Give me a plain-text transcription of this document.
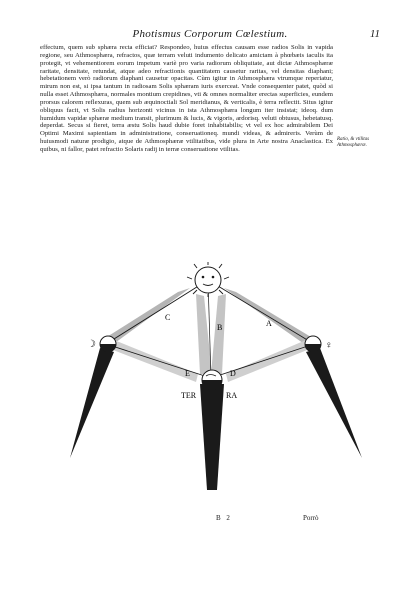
Photismus Corporum Cœlestium.	11

effectum, quem sub sphæra recta efficiat? Respondeo, huius effectus causam esse radios Solis in vapida regione, seu Athmosphæra, refractos, quæ terram veluti indumento delicato amictam à phœbæis iaculis ita protegit, vt vehementiorem eorum impetum variè pro varia radiorum obliquitate, aut dictæ Athmosphæræ raritate, densitate, retundat, atque adeo refractionis quantitatem causetur raritas, vel densitas diaphani; hebetationem verò radiorum diaphani causetur opacitas. Cùm igitur in Athmosphæra vtrumque reperiatur, mirum non est, si ipsa tantum in radiosam Solis sphæram iuris exerceat. Vnde consequenter patet, quòd si nulla esset Athmosphæra, normales montium crepidines, vti & omnes normaliter erectas superficies, eundem prorsus calorem reflexuras, quem sub æquinoctiali Sol meridianus, & verticalis, è terra reflectit. Situs igitur obliquus facit, vt Solis radius horizonti vicinus in ista Athmosphæra longum iter insistat; ideoq. dum humidum vapidæ sphæræ medium transit, plurimum & lucis, & vigoris, ardorisq. veluti obtusus, hebetatusq. deperdat. Secus si fieret, terra æstu Solis haud dubie foret inhabitabilis; vt vel ex hoc admirabilem Dei Optimi Maximi sapientiam in administratione, conseruationeq. mundi videas, & admireris. Verùm de huiusmodi naturæ prodigio, atque de Athmosphæræ vtilitatibus, vide plura in Arte nostra Anaclastica. Ex quibus, ni fallor, patet refractio Solaris radij in terræ conseruatione vtilitas.

Ratio, & vtilitas Athmosphæræ.
C
A
B
E	D
TER	RA
☽	♀
B 2	Porrò
